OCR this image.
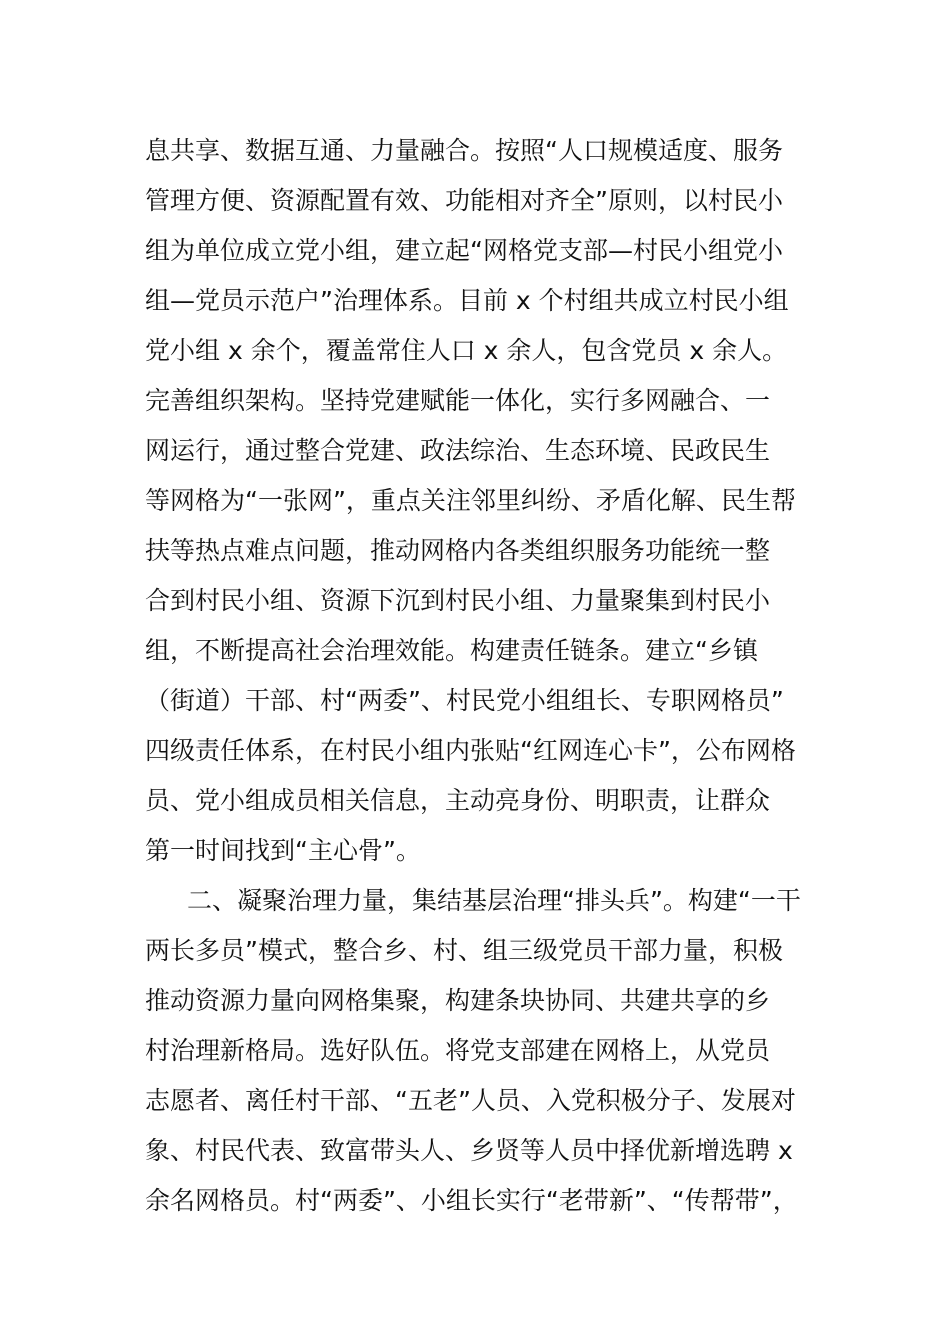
息共享、数据互通、力量融合。按照“人口规模适度、服务
管理方便、资源配置有效、功能相对齐全”原则，以村民小
组为单位成立党小组，建立起“网格党支部—村民小组党小
组—党员示范户”治理体系。目前 x 个村组共成立村民小组
党小组 x 余个，覆盖常住人口 x 余人，包含党员 x 余人。
完善组织架构。坚持党建赋能一体化，实行多网融合、一
网运行，通过整合党建、政法综治、生态环境、民政民生
等网格为“一张网”，重点关注邻里纠纷、矛盾化解、民生帮
扶等热点难点问题，推动网格内各类组织服务功能统一整
合到村民小组、资源下沉到村民小组、力量聚集到村民小
组，不断提高社会治理效能。构建责任链条。建立“乡镇
（街道）干部、村“两委”、村民党小组组长、专职网格员”
四级责任体系，在村民小组内张贴“红网连心卡”，公布网格
员、党小组成员相关信息，主动亮身份、明职责，让群众
第一时间找到“主心骨”。
二、凝聚治理力量，集结基层治理“排头兵”。构建“一干
两长多员”模式，整合乡、村、组三级党员干部力量，积极
推动资源力量向网格集聚，构建条块协同、共建共享的乡
村治理新格局。选好队伍。将党支部建在网格上，从党员
志愿者、离任村干部、“五老”人员、入党积极分子、发展对
象、村民代表、致富带头人、乡贤等人员中择优新增选聘 x
余名网格员。村“两委”、小组长实行“老带新”、“传帮带”，
